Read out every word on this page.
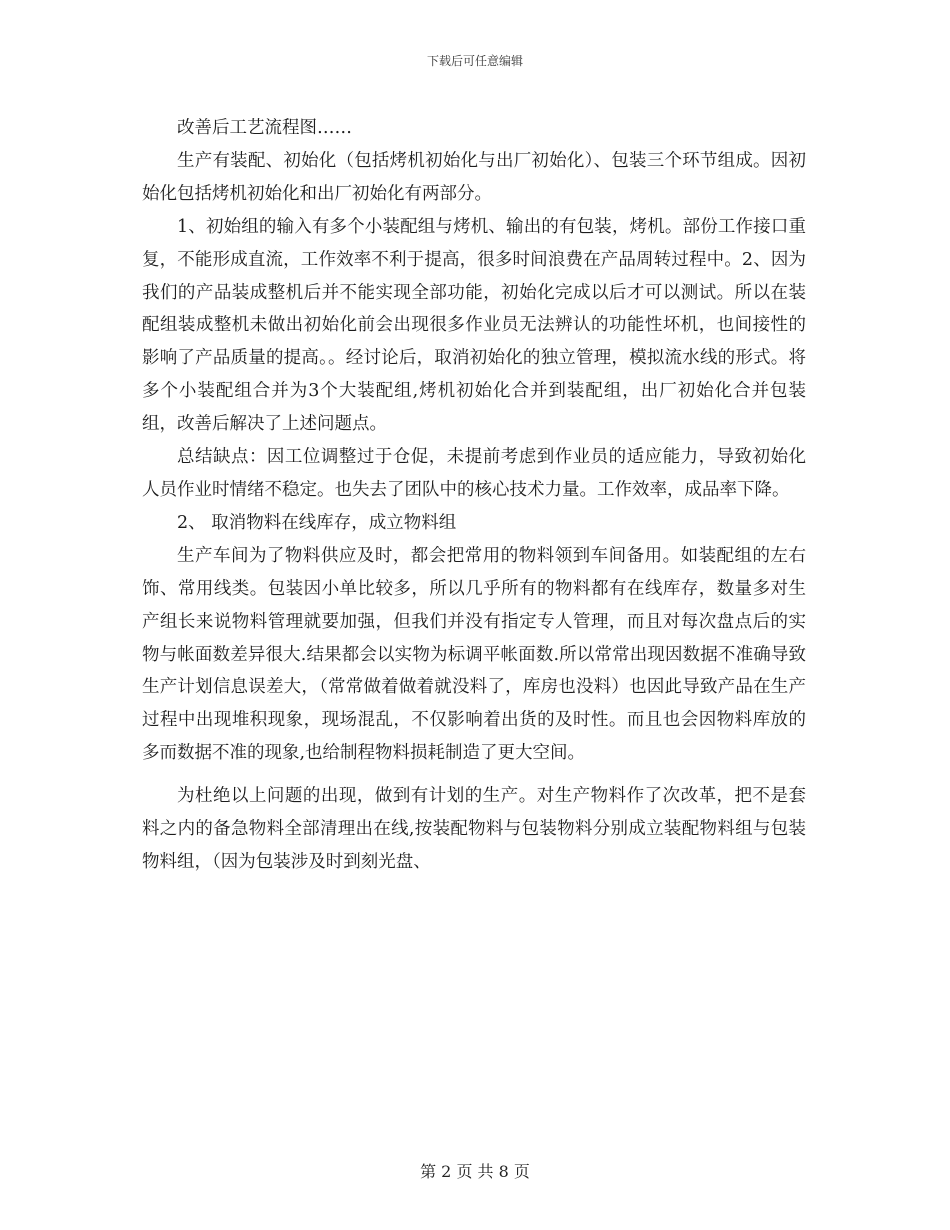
下载后可任意编辑

改善后工艺流程图……

生产有装配、初始化（包括烤机初始化与出厂初始化）、包装三个环节组成。因初始化包括烤机初始化和出厂初始化有两部分。

1、初始组的输入有多个小装配组与烤机、输出的有包装，烤机。部份工作接口重复，不能形成直流，工作效率不利于提高，很多时间浪费在产品周转过程中。2、因为我们的产品装成整机后并不能实现全部功能，初始化完成以后才可以测试。所以在装配组装成整机未做出初始化前会出现很多作业员无法辨认的功能性坏机，也间接性的影响了产品质量的提高。。经讨论后，取消初始化的独立管理，模拟流水线的形式。将多个小装配组合并为3个大装配组,烤机初始化合并到装配组，出厂初始化合并包装组，改善后解决了上述问题点。

总结缺点：因工位调整过于仓促，未提前考虑到作业员的适应能力，导致初始化人员作业时情绪不稳定。也失去了团队中的核心技术力量。工作效率，成品率下降。

2、 取消物料在线库存，成立物料组

生产车间为了物料供应及时，都会把常用的物料领到车间备用。如装配组的左右饰、常用线类。包装因小单比较多，所以几乎所有的物料都有在线库存，数量多对生产组长来说物料管理就要加强，但我们并没有指定专人管理，而且对每次盘点后的实物与帐面数差异很大.结果都会以实物为标调平帐面数.所以常常出现因数据不准确导致生产计划信息误差大，（常常做着做着就没料了，库房也没料）也因此导致产品在生产过程中出现堆积现象，现场混乱，不仅影响着出货的及时性。而且也会因物料库放的多而数据不准的现象,也给制程物料损耗制造了更大空间。

为杜绝以上问题的出现，做到有计划的生产。对生产物料作了次改革，把不是套料之内的备急物料全部清理出在线,按装配物料与包装物料分别成立装配物料组与包装物料组，（因为包装涉及时到刻光盘、

第 2 页 共 8 页
